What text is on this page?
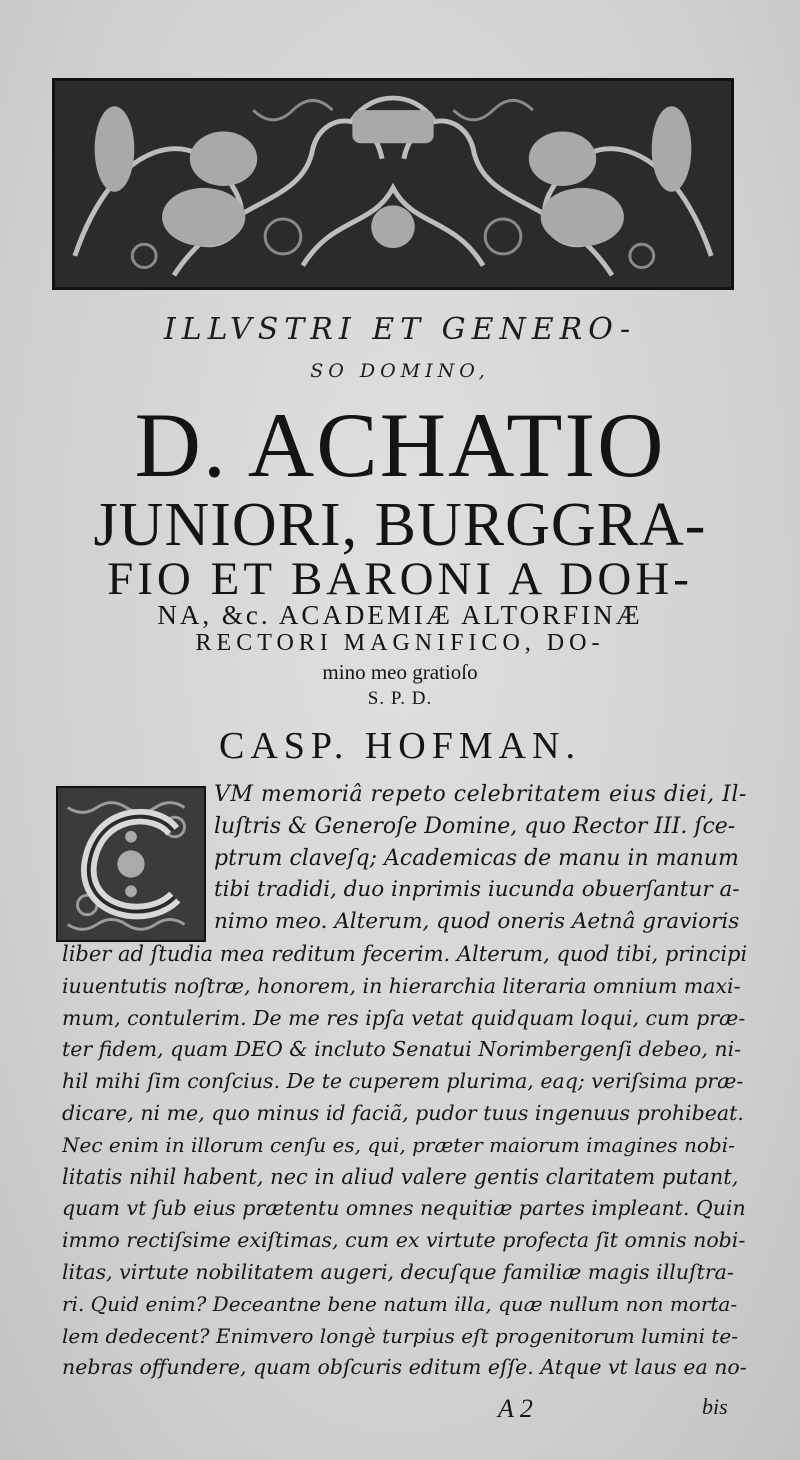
ILLVSTRI ET GENERO-
SO DOMINO,
D. ACHATIO
JUNIORI, BURGGRA-
FIO ET BARONI A DOH-
NA, &c. ACADEMIÆ ALTORFINÆ
RECTORI MAGNIFICO, DO-
mino meo gratioſo
S. P. D.
CASP. HOFMAN.
VM memoriâ repeto celebritatem eius diei, Il-
luſtris & Generoſe Domine, quo Rector III. ſce-
ptrum claveſq; Academicas de manu in manum
tibi tradidi, duo inprimis iucunda obuerſantur a-
nimo meo. Alterum, quod oneris Aetnâ gravioris
liber ad ſtudia mea reditum fecerim. Alterum, quod tibi, principi
iuuentutis noſtræ, honorem, in hierarchia literaria omnium maxi-
mum, contulerim. De me res ipſa vetat quidquam loqui, cum præ-
ter fidem, quam DEO & incluto Senatui Norimbergenſi debeo, ni-
hil mihi ſim conſcius. De te cuperem plurima, eaq; veriſsima præ-
dicare, ni me, quo minus id faciã, pudor tuus ingenuus prohibeat.
Nec enim in illorum cenſu es, qui, præter maiorum imagines nobi-
litatis nihil habent, nec in aliud valere gentis claritatem putant,
quam vt ſub eius prætentu omnes nequitiæ partes impleant. Quin
immo rectiſsime exiſtimas, cum ex virtute profecta ſit omnis nobi-
litas, virtute nobilitatem augeri, decuſque familiæ magis illuſtra-
ri. Quid enim? Deceantne bene natum illa, quæ nullum non morta-
lem dedecent? Enimvero longè turpius eſt progenitorum lumini te-
nebras offundere, quam obſcuris editum eſſe. Atque vt laus ea no-
A 2	bis
